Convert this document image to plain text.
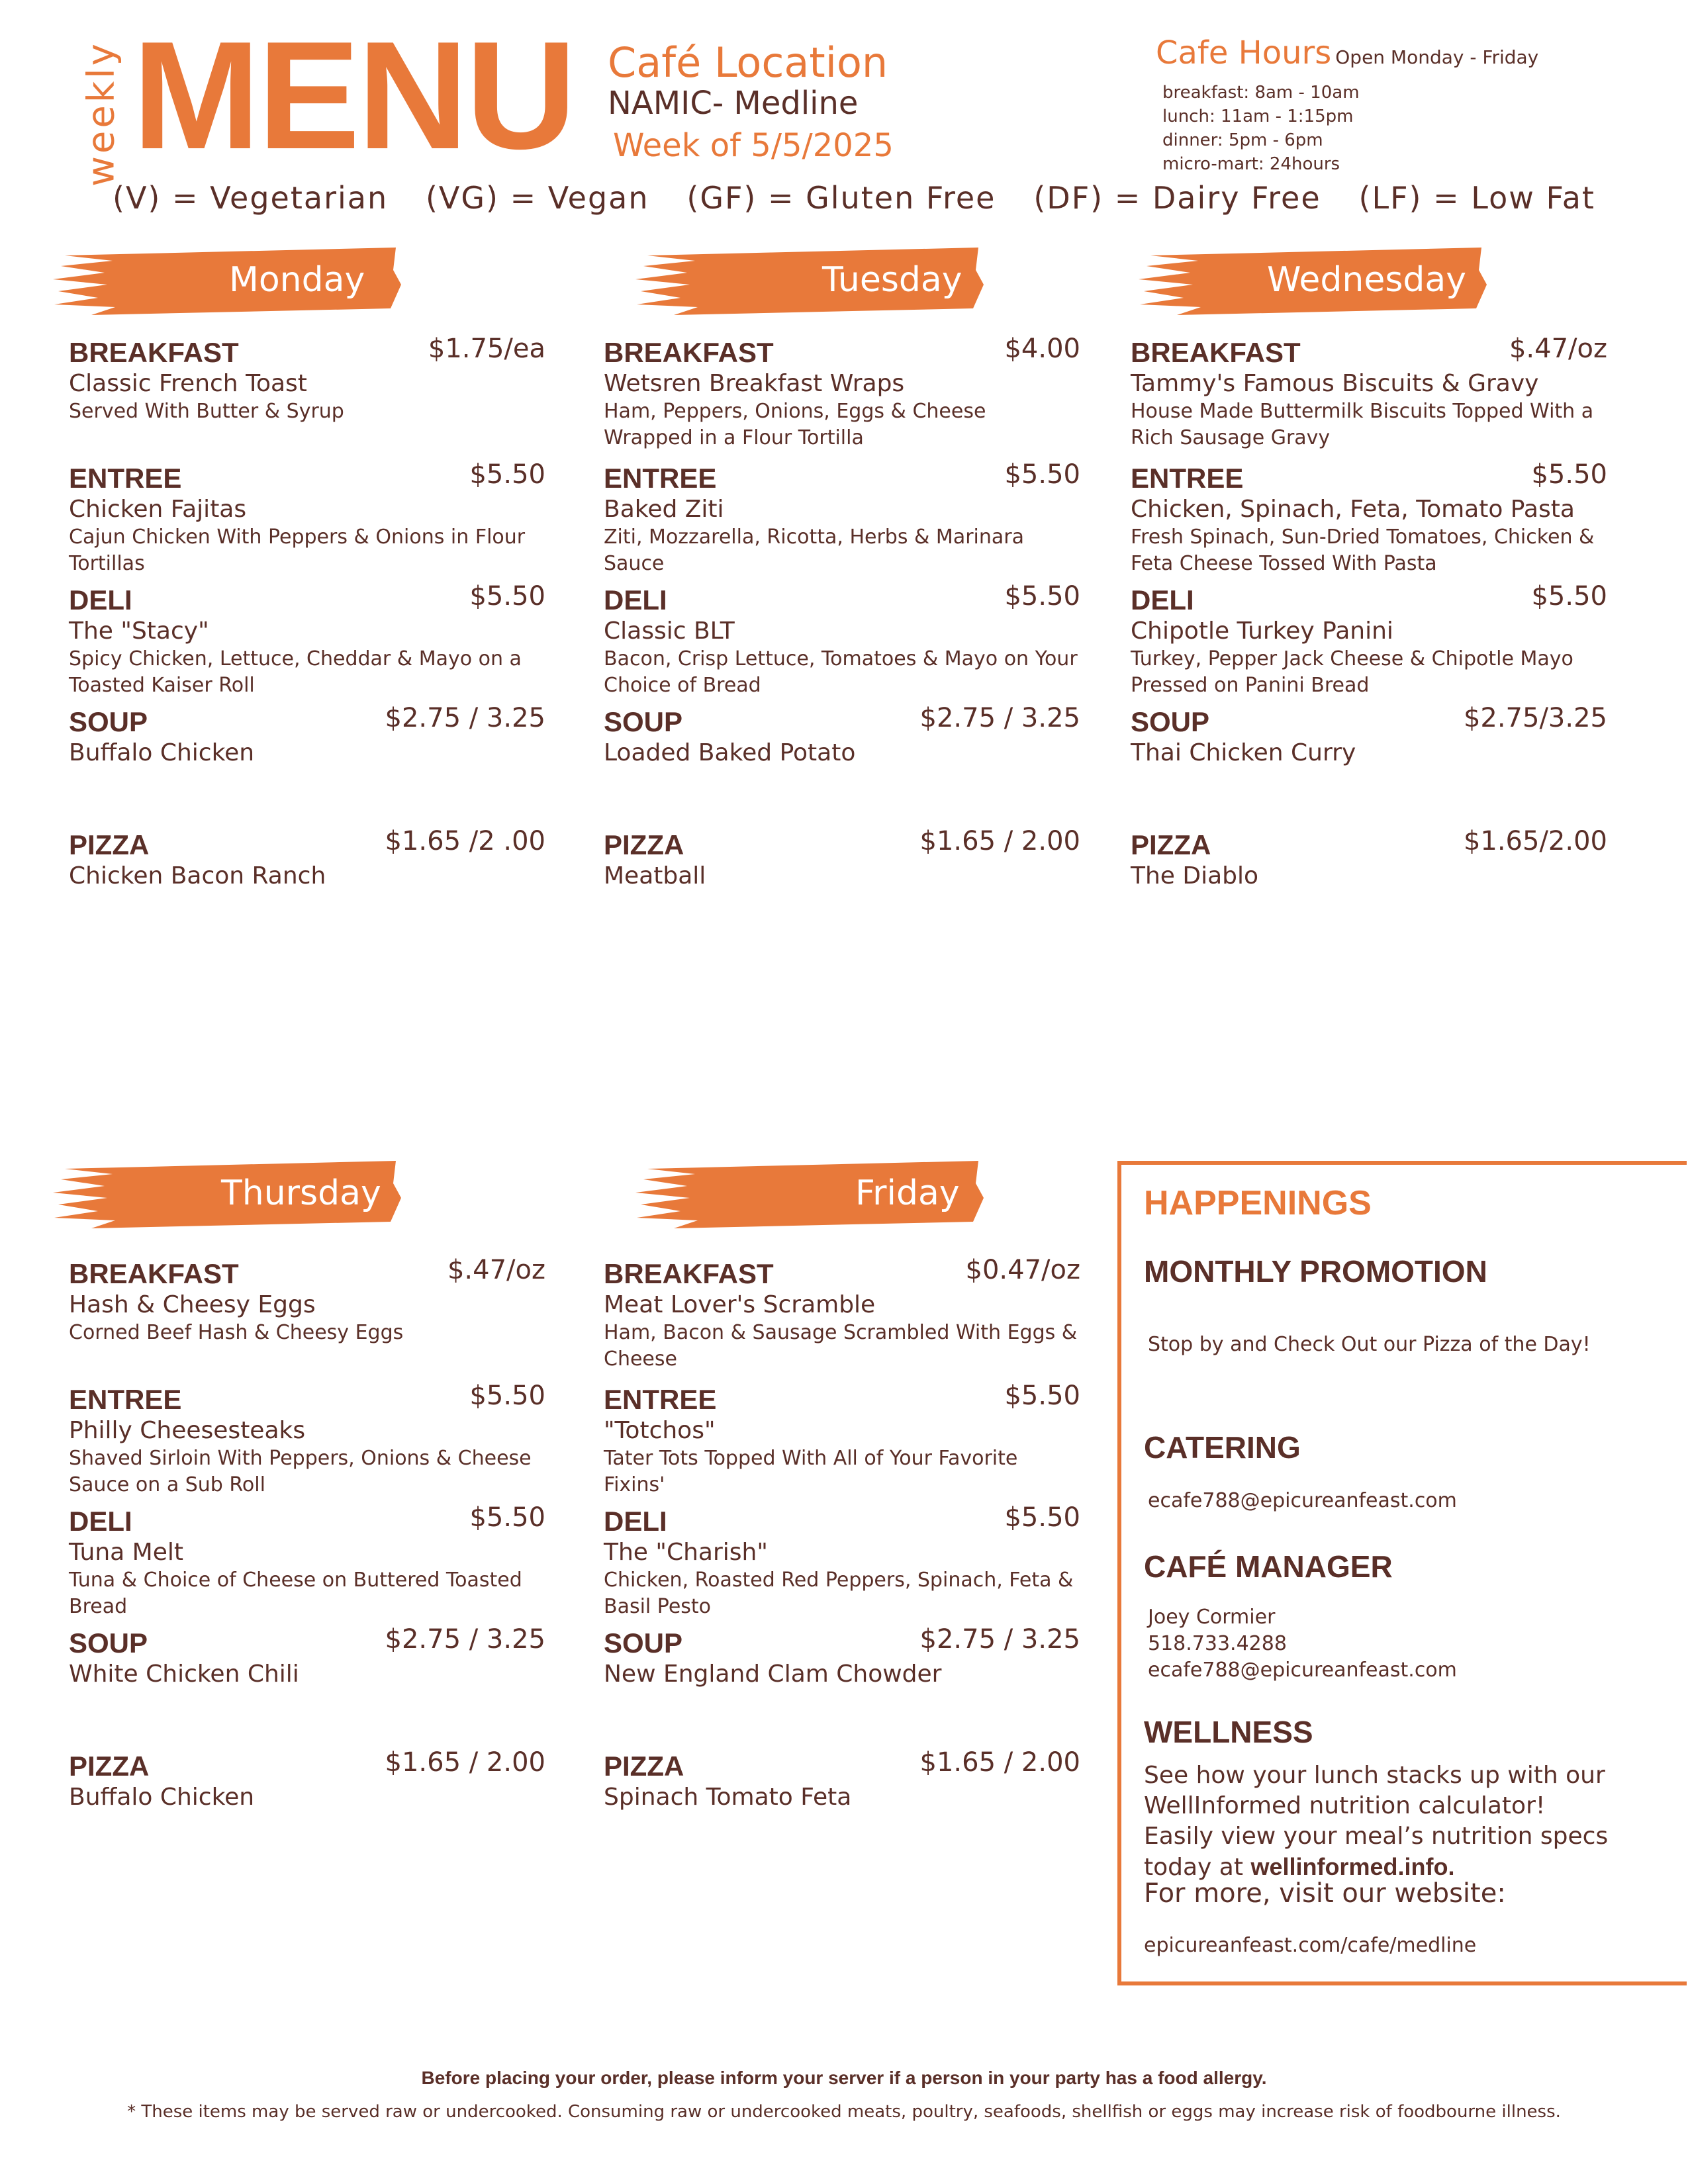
weekly MENU Café Location
NAMIC- Medline
Week of 5/5/2025
Cafe Hours Open Monday - Friday
breakfast: 8am - 10am
lunch: 11am - 1:15pm
dinner: 5pm - 6pm
micro-mart: 24hours
(V) = Vegetarian (VG) = Vegan (GF) = Gluten Free (DF) = Dairy Free (LF) = Low Fat
Monday	Tuesday	Wednesday
Thursday	Friday
BREAKFAST	$1.75/ea
Classic French Toast
Served With Butter & Syrup
ENTREE	$5.50
Chicken Fajitas
Cajun Chicken With Peppers & Onions in Flour Tortillas
DELI	$5.50
The "Stacy"
Spicy Chicken, Lettuce, Cheddar & Mayo on a Toasted Kaiser Roll
SOUP	$2.75 / 3.25
Buffalo Chicken
PIZZA	$1.65 /2 .00
Chicken Bacon Ranch
BREAKFAST	$4.00
Wetsren Breakfast Wraps
Ham, Peppers, Onions, Eggs & Cheese Wrapped in a Flour Tortilla
ENTREE	$5.50
Baked Ziti
Ziti, Mozzarella, Ricotta, Herbs & Marinara Sauce
DELI	$5.50
Classic BLT
Bacon, Crisp Lettuce, Tomatoes & Mayo on Your Choice of Bread
SOUP	$2.75 / 3.25
Loaded Baked Potato
PIZZA	$1.65 / 2.00
Meatball
BREAKFAST	$.47/oz
Tammy's Famous Biscuits & Gravy
House Made Buttermilk Biscuits Topped With a Rich Sausage Gravy
ENTREE	$5.50
Chicken, Spinach, Feta, Tomato Pasta
Fresh Spinach, Sun-Dried Tomatoes, Chicken & Feta Cheese Tossed With Pasta
DELI	$5.50
Chipotle Turkey Panini
Turkey, Pepper Jack Cheese & Chipotle Mayo Pressed on Panini Bread
SOUP	$2.75/3.25
Thai Chicken Curry
PIZZA	$1.65/2.00
The Diablo
BREAKFAST	$.47/oz
Hash & Cheesy Eggs
Corned Beef Hash & Cheesy Eggs
ENTREE	$5.50
Philly Cheesesteaks
Shaved Sirloin With Peppers, Onions & Cheese Sauce on a Sub Roll
DELI	$5.50
Tuna Melt
Tuna & Choice of Cheese on Buttered Toasted Bread
SOUP	$2.75 / 3.25
White Chicken Chili
PIZZA	$1.65 / 2.00
Buffalo Chicken
BREAKFAST	$0.47/oz
Meat Lover's Scramble
Ham, Bacon & Sausage Scrambled With Eggs & Cheese
ENTREE	$5.50
"Totchos"
Tater Tots Topped With All of Your Favorite Fixins'
DELI	$5.50
The "Charish"
Chicken, Roasted Red Peppers, Spinach, Feta & Basil Pesto
SOUP	$2.75 / 3.25
New England Clam Chowder
PIZZA	$1.65 / 2.00
Spinach Tomato Feta
HAPPENINGS
MONTHLY PROMOTION
Stop by and Check Out our Pizza of the Day!
CATERING
ecafe788@epicureanfeast.com
CAFÉ MANAGER
Joey Cormier
518.733.4288
ecafe788@epicureanfeast.com
WELLNESS
See how your lunch stacks up with our WellInformed nutrition calculator! Easily view your meal’s nutrition specs today at wellinformed.info.
For more, visit our website:
epicureanfeast.com/cafe/medline
Before placing your order, please inform your server if a person in your party has a food allergy.
* These items may be served raw or undercooked. Consuming raw or undercooked meats, poultry, seafoods, shellfish or eggs may increase risk of foodbourne illness.
